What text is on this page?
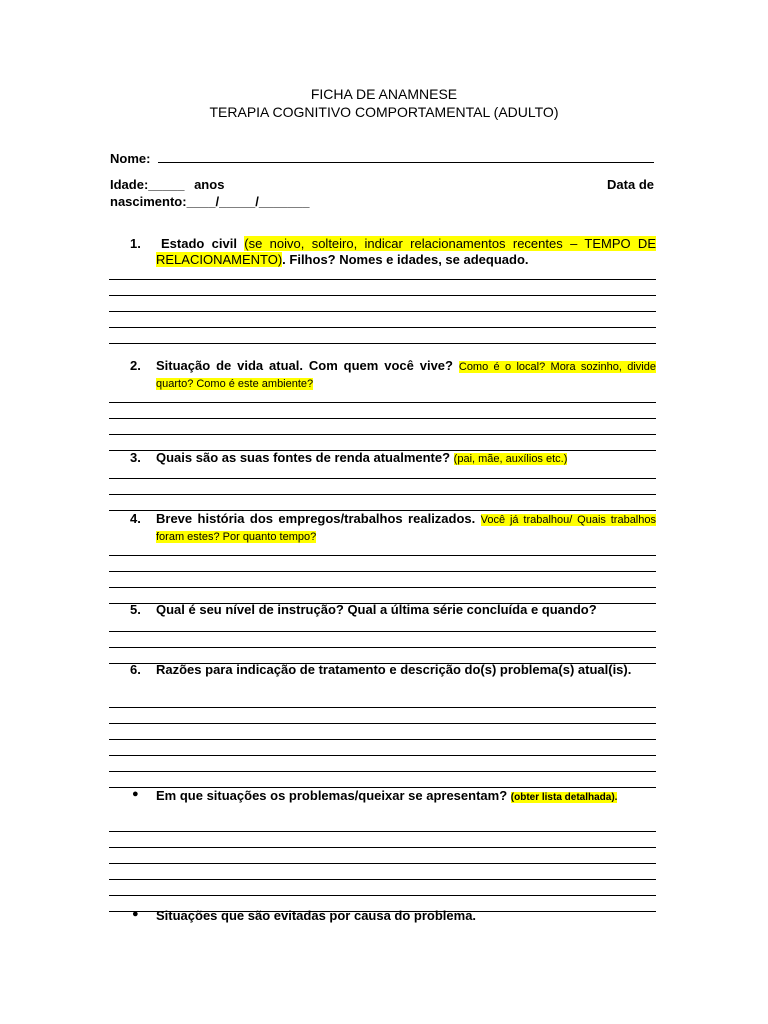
FICHA DE ANAMNESE
TERAPIA COGNITIVO COMPORTAMENTAL (ADULTO)
Nome:
Idade:_____ anos	Data de
nascimento:____/_____/_______
1.	Estado civil (se noivo, solteiro, indicar relacionamentos recentes – TEMPO DE RELACIONAMENTO). Filhos? Nomes e idades, se adequado.
2. Situação de vida atual. Com quem você vive? Como é o local? Mora sozinho, divide quarto? Como é este ambiente?
3. Quais são as suas fontes de renda atualmente? (pai, mãe, auxílios etc.)
4. Breve história dos empregos/trabalhos realizados. Você já trabalhou/ Quais trabalhos foram estes? Por quanto tempo?
5. Qual é seu nível de instrução? Qual a última série concluída e quando?
6. Razões para indicação de tratamento e descrição do(s) problema(s) atual(is).
● Em que situações os problemas/queixar se apresentam? (obter lista detalhada).
● Situações que são evitadas por causa do problema.
